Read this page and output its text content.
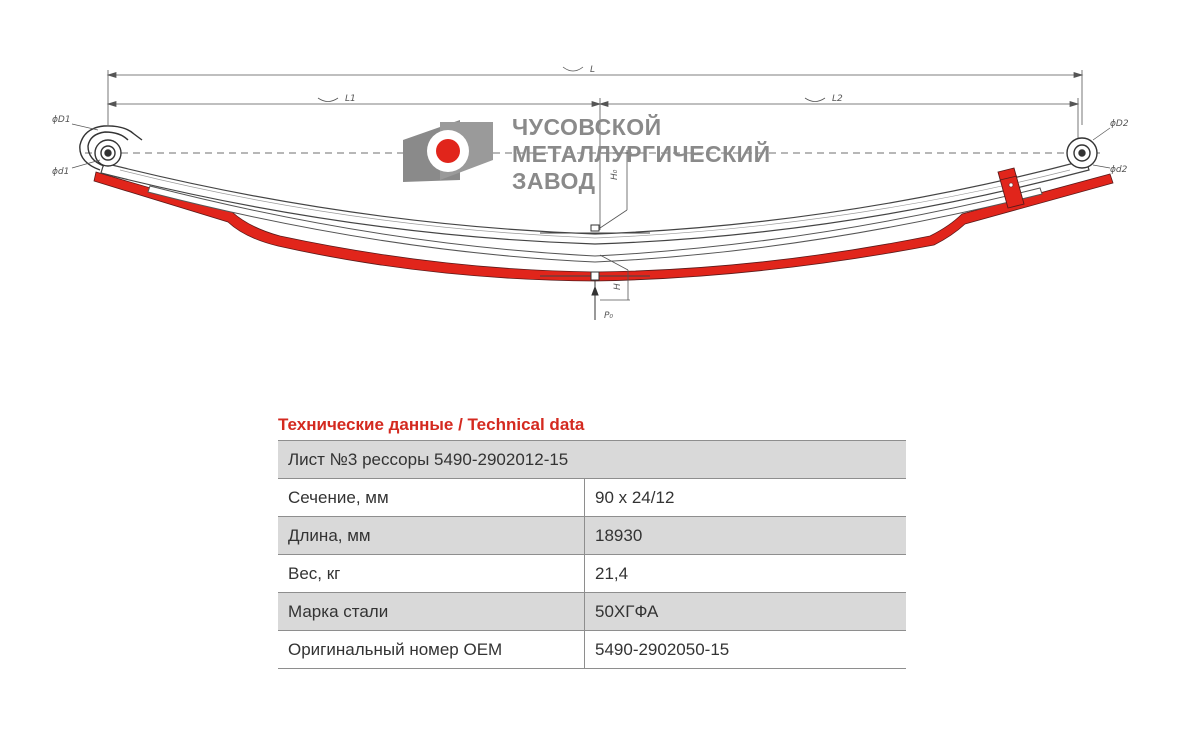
L
L1	L2
H₀
H
P₀
ϕD1
ϕd1
ϕD2
ϕd2
ЧУСОВСКОЙ
МЕТАЛЛУРГИЧЕСКИЙ
ЗАВОД
Технические данные / Technical data
Лист №3 рессоры 5490-2902012-15	
Сечение, мм	90 х 24/12
Длина, мм	18930
Вес, кг	21,4
Марка стали	50ХГФА
Оригинальный номер OEM	5490-2902050-15
